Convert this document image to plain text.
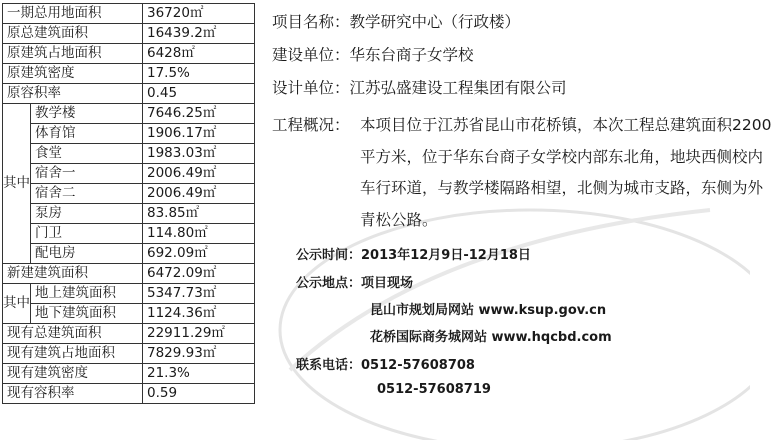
一期总用地面积		36720㎡
原总建筑面积		16439.2㎡
原建筑占地面积		6428㎡
原建筑密度		17.5%
原容积率		0.45
其中	教学楼	7646.25㎡
	体育馆	1906.17㎡
	食堂	1983.03㎡
	宿舍一	2006.49㎡
	宿舍二	2006.49㎡
	泵房	83.85㎡
	门卫	114.80㎡
	配电房	692.09㎡
新建建筑面积		6472.09㎡
其中	地上建筑面积	5347.73㎡
	地下建筑面积	1124.36㎡
现有总建筑面积		22911.29㎡
现有建筑占地面积		7829.93㎡
现有建筑密度		21.3%
现有容积率		0.59
项目名称：教学研究中心（行政楼）
建设单位：华东台商子女学校
设计单位：江苏弘盛建设工程集团有限公司
工程概况： 本项目位于江苏省昆山市花桥镇，本次工程总建筑面积2200平方米，位于华东台商子女学校内部东北角，地块西侧校内车行环道，与教学楼隔路相望，北侧为城市支路，东侧为外青松公路。
公示时间：2013年12月9日-12月18日
公示地点：项目现场
昆山市规划局网站 www.ksup.gov.cn
花桥国际商务城网站 www.hqcbd.com
联系电话：0512-57608708
0512-57608719
